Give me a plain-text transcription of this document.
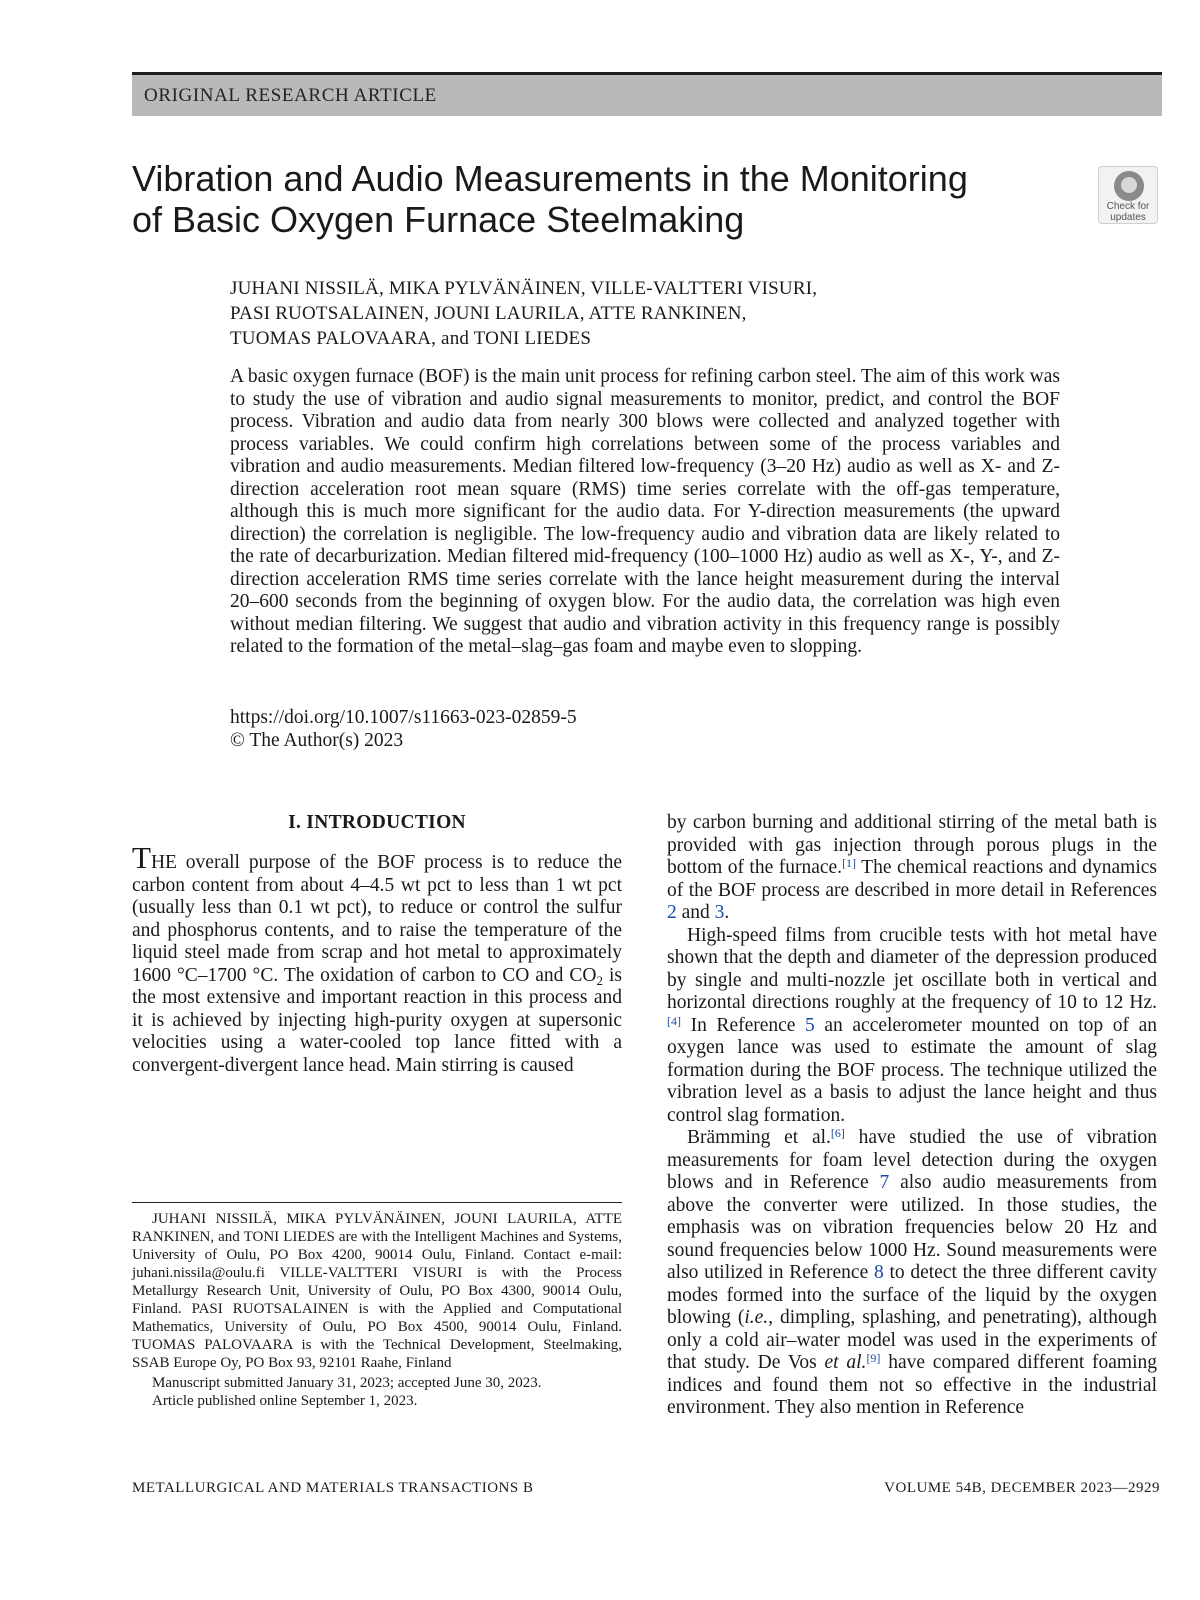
ORIGINAL RESEARCH ARTICLE
Vibration and Audio Measurements in the Monitoring
of Basic Oxygen Furnace Steelmaking	Check for
updates
JUHANI NISSILÄ, MIKA PYLVÄNÄINEN, VILLE-VALTTERI VISURI,
PASI RUOTSALAINEN, JOUNI LAURILA, ATTE RANKINEN,
TUOMAS PALOVAARA, and TONI LIEDES

A basic oxygen furnace (BOF) is the main unit process for refining carbon steel. The aim of this work was to study the use of vibration and audio signal measurements to monitor, predict, and control the BOF process. Vibration and audio data from nearly 300 blows were collected and analyzed together with process variables. We could confirm high correlations between some of the process variables and vibration and audio measurements. Median filtered low-frequency (3–20 Hz) audio as well as X- and Z-direction acceleration root mean square (RMS) time series correlate with the off-gas temperature, although this is much more significant for the audio data. For Y-direction measurements (the upward direction) the correlation is negligible. The low-frequency audio and vibration data are likely related to the rate of decarburization. Median filtered mid-frequency (100–1000 Hz) audio as well as X-, Y-, and Z-direction acceleration RMS time series correlate with the lance height measurement during the interval 20–600 seconds from the beginning of oxygen blow. For the audio data, the correlation was high even without median filtering. We suggest that audio and vibration activity in this frequency range is possibly related to the formation of the metal–slag–gas foam and maybe even to slopping.

https://doi.org/10.1007/s11663-023-02859-5
© The Author(s) 2023
I. INTRODUCTION

THE overall purpose of the BOF process is to reduce the carbon content from about 4–4.5 wt pct to less than 1 wt pct (usually less than 0.1 wt pct), to reduce or control the sulfur and phosphorus contents, and to raise the temperature of the liquid steel made from scrap and hot metal to approximately 1600 °C–1700 °C. The oxidation of carbon to CO and $CO_2$ is the most extensive and important reaction in this process and it is achieved by injecting high-purity oxygen at supersonic velocities using a water-cooled top lance fitted with a convergent-divergent lance head. Main stirring is caused

by carbon burning and additional stirring of the metal bath is provided with gas injection through porous plugs in the bottom of the furnace.[1] The chemical reactions and dynamics of the BOF process are described in more detail in References 2 and 3.

High-speed films from crucible tests with hot metal have shown that the depth and diameter of the depression produced by single and multi-nozzle jet oscillate both in vertical and horizontal directions roughly at the frequency of 10 to 12 Hz.[4] In Reference 5 an accelerometer mounted on top of an oxygen lance was used to estimate the amount of slag formation during the BOF process. The technique utilized the vibration level as a basis to adjust the lance height and thus control slag formation.

Brämming et al.[6] have studied the use of vibration measurements for foam level detection during the oxygen blows and in Reference 7 also audio measurements from above the converter were utilized. In those studies, the emphasis was on vibration frequencies below 20 Hz and sound frequencies below 1000 Hz. Sound measurements were also utilized in Reference 8 to detect the three different cavity modes formed into the surface of the liquid by the oxygen blowing (i.e., dimpling, splashing, and penetrating), although only a cold air–water model was used in the experiments of that study. De Vos et al.[9] have compared different foaming indices and found them not so effective in the industrial environment. They also mention in Reference

JUHANI NISSILÄ, MIKA PYLVÄNÄINEN, JOUNI LAURILA, ATTE RANKINEN, and TONI LIEDES are with the Intelligent Machines and Systems, University of Oulu, PO Box 4200, 90014 Oulu, Finland. Contact e-mail: juhani.nissila@oulu.fi VILLE-VALTTERI VISURI is with the Process Metallurgy Research Unit, University of Oulu, PO Box 4300, 90014 Oulu, Finland. PASI RUOTSALAINEN is with the Applied and Computational Mathematics, University of Oulu, PO Box 4500, 90014 Oulu, Finland. TUOMAS PALOVAARA is with the Technical Development, Steelmaking, SSAB Europe Oy, PO Box 93, 92101 Raahe, Finland

Manuscript submitted January 31, 2023; accepted June 30, 2023.
Article published online September 1, 2023.
METALLURGICAL AND MATERIALS TRANSACTIONS B	VOLUME 54B, DECEMBER 2023—2929
